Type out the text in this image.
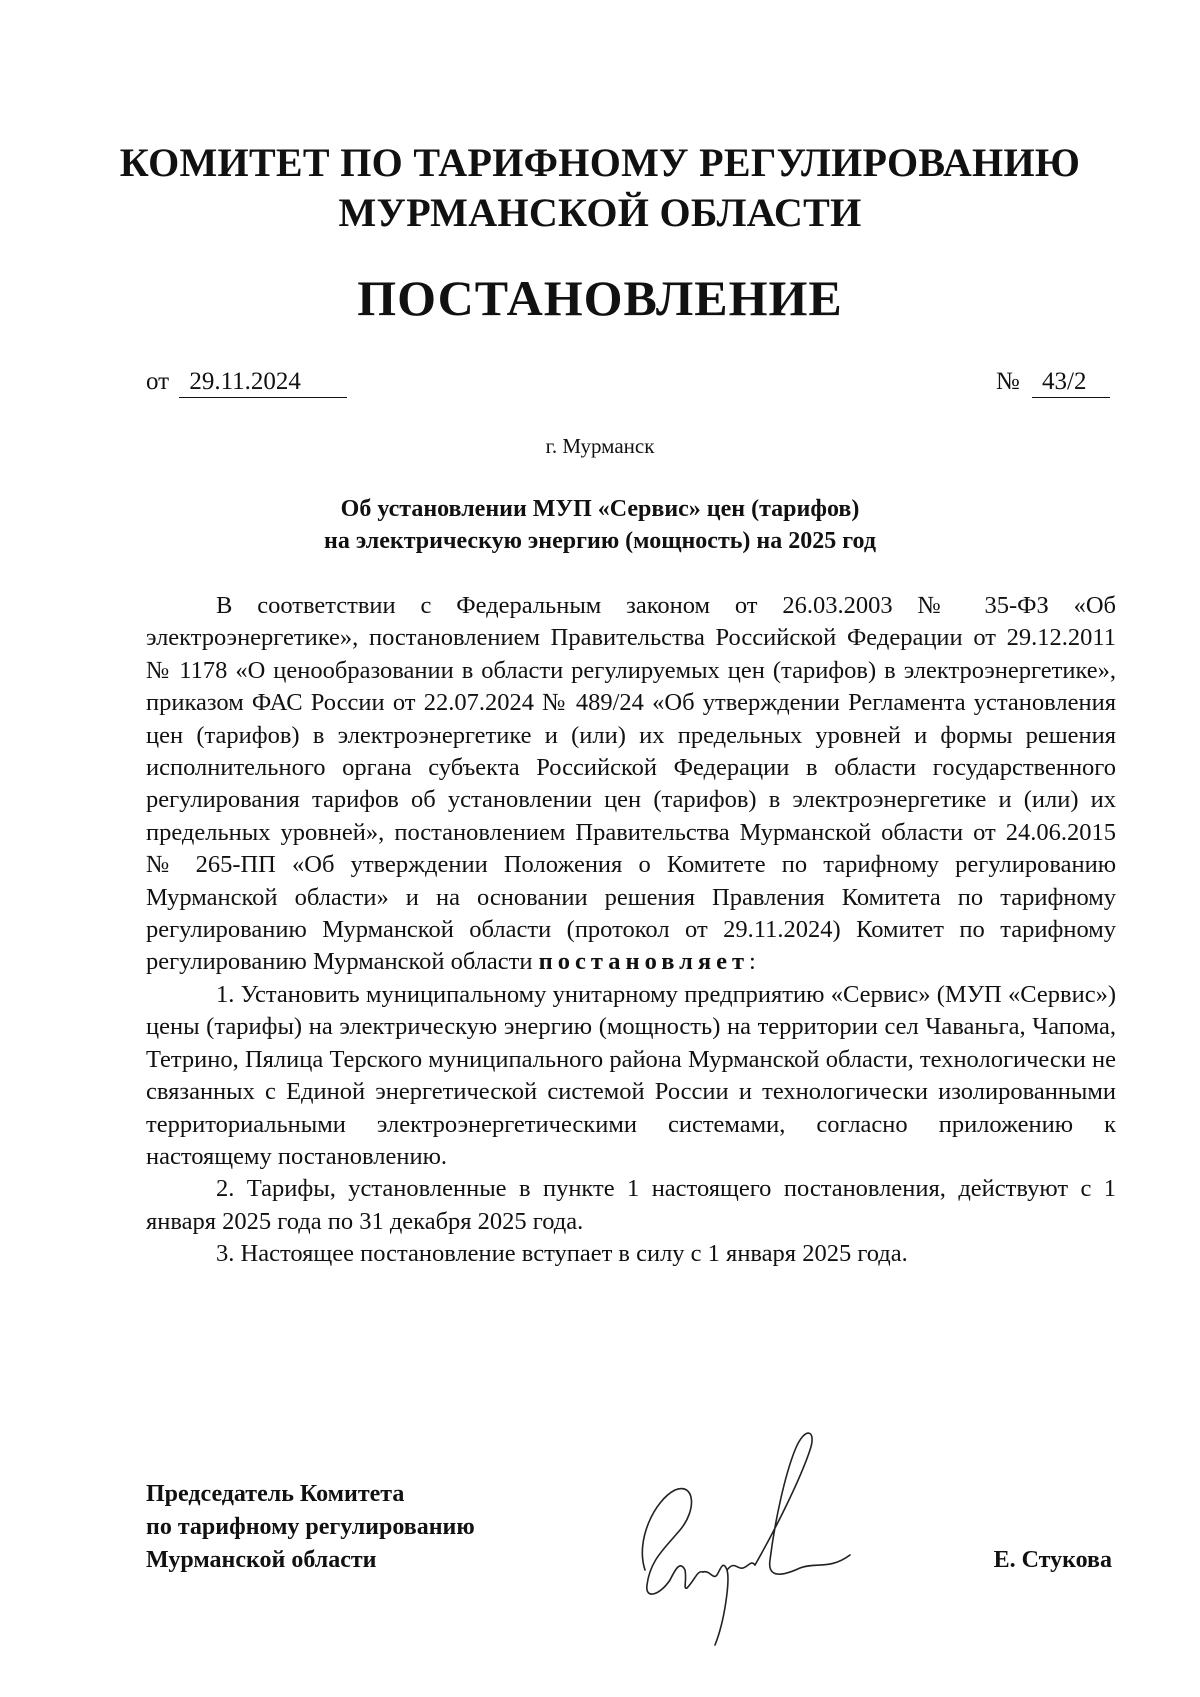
КОМИТЕТ ПО ТАРИФНОМУ РЕГУЛИРОВАНИЮ
МУРМАНСКОЙ ОБЛАСТИ
ПОСТАНОВЛЕНИЕ
от 29.11.2024	№ 43/2
г. Мурманск
Об установлении МУП «Сервис» цен (тарифов)
на электрическую энергию (мощность) на 2025 год

В соответствии с Федеральным законом от 26.03.2003 № 35-ФЗ «Об электроэнергетике», постановлением Правительства Российской Федерации от 29.12.2011 № 1178 «О ценообразовании в области регулируемых цен (тарифов) в электроэнергетике», приказом ФАС России от 22.07.2024 № 489/24 «Об утверждении Регламента установления цен (тарифов) в электроэнергетике и (или) их предельных уровней и формы решения исполнительного органа субъекта Российской Федерации в области государственного регулирования тарифов об установлении цен (тарифов) в электроэнергетике и (или) их предельных уровней», постановлением Правительства Мурманской области от 24.06.2015 № 265-ПП «Об утверждении Положения о Комитете по тарифному регулированию Мурманской области» и на основании решения Правления Комитета по тарифному регулированию Мурманской области (протокол от 29.11.2024) Комитет по тарифному регулированию Мурманской области постановляет:

1. Установить муниципальному унитарному предприятию «Сервис» (МУП «Сервис») цены (тарифы) на электрическую энергию (мощность) на территории сел Чаваньга, Чапома, Тетрино, Пялица Терского муниципального района Мурманской области, технологически не связанных с Единой энергетической системой России и технологически изолированными территориальными электроэнергетическими системами, согласно приложению к настоящему постановлению.

2. Тарифы, установленные в пункте 1 настоящего постановления, действуют с 1 января 2025 года по 31 декабря 2025 года.

3. Настоящее постановление вступает в силу с 1 января 2025 года.

Председатель Комитета
по тарифному регулированию
Мурманской области	Е. Стукова
